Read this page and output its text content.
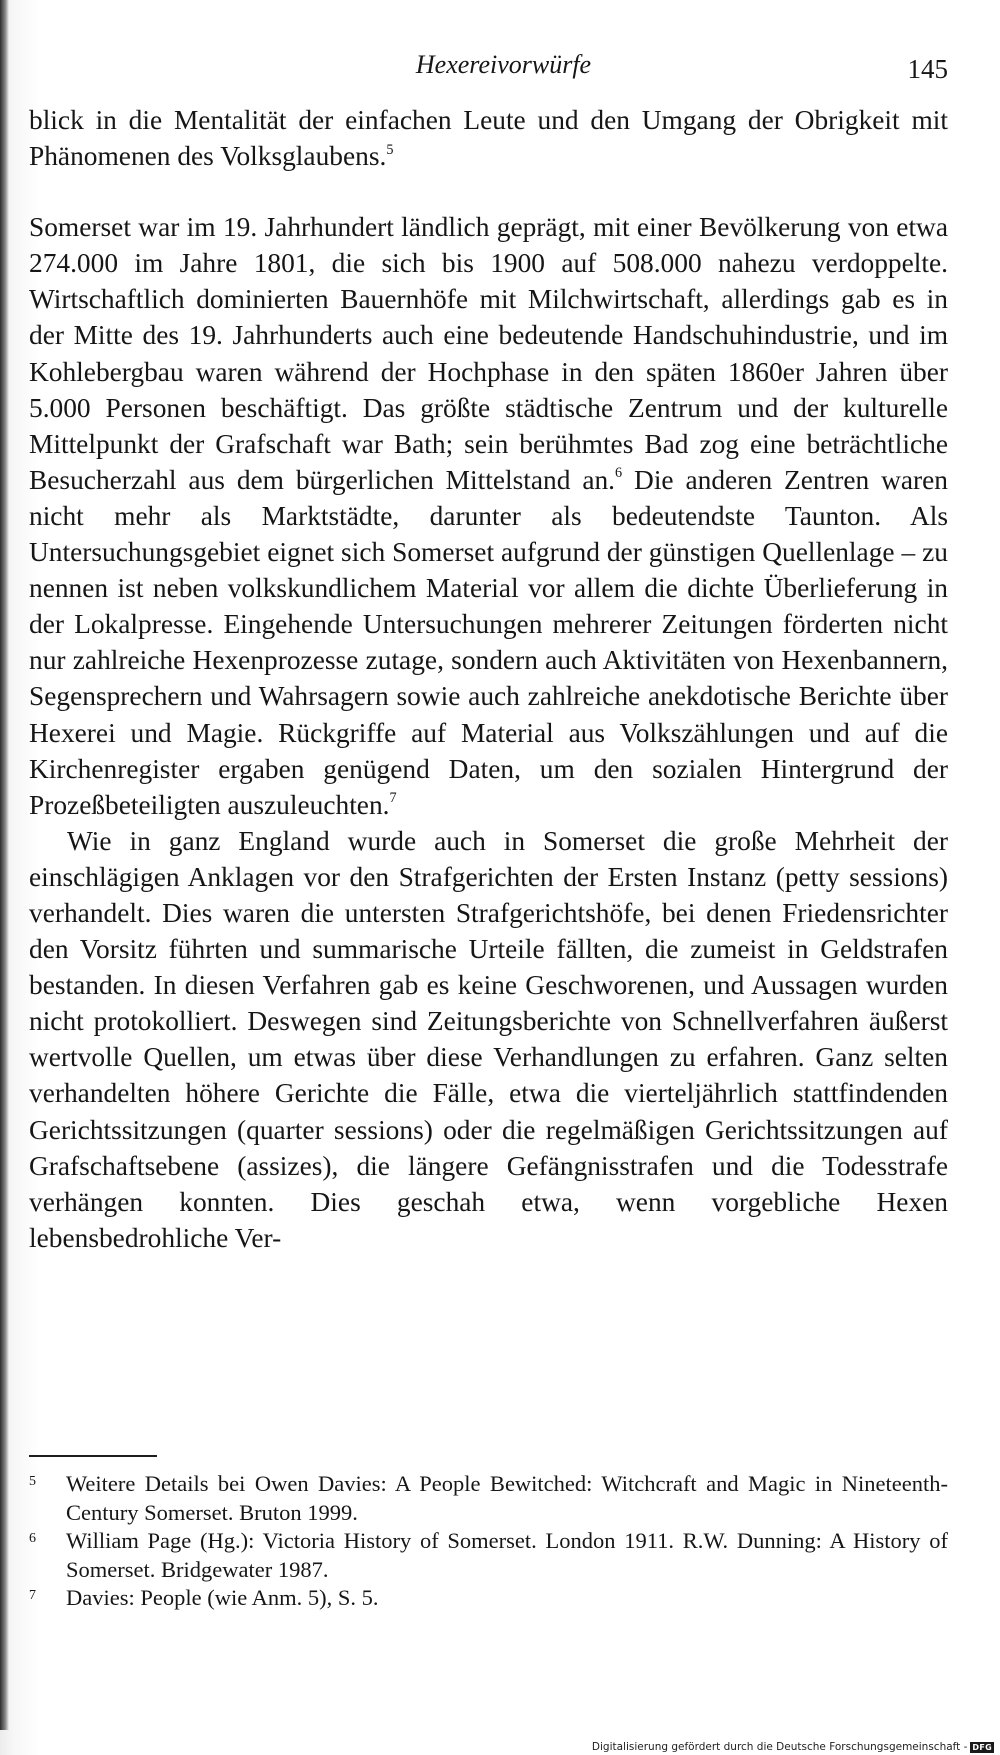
Hexereivorwürfe	145

blick in die Mentalität der einfachen Leute und den Umgang der Obrigkeit mit Phänomenen des Volksglaubens.$^5$

Somerset war im 19. Jahrhundert ländlich geprägt, mit einer Bevölkerung von etwa 274.000 im Jahre 1801, die sich bis 1900 auf 508.000 nahezu verdoppelte. Wirtschaftlich dominierten Bauernhöfe mit Milchwirtschaft, allerdings gab es in der Mitte des 19. Jahrhunderts auch eine bedeutende Handschuhindustrie, und im Kohlebergbau waren während der Hochphase in den späten 1860er Jahren über 5.000 Personen beschäftigt. Das größte städtische Zentrum und der kulturelle Mittelpunkt der Grafschaft war Bath; sein berühmtes Bad zog eine beträchtliche Besucherzahl aus dem bürgerlichen Mittelstand an.$^6$ Die anderen Zentren waren nicht mehr als Marktstädte, darunter als bedeutendste Taunton. Als Untersuchungsgebiet eignet sich Somerset aufgrund der günstigen Quellenlage – zu nennen ist neben volkskundlichem Material vor allem die dichte Überlieferung in der Lokalpresse. Eingehende Untersuchungen mehrerer Zeitungen förderten nicht nur zahlreiche Hexenprozesse zutage, sondern auch Aktivitäten von Hexenbannern, Segensprechern und Wahrsagern sowie auch zahlreiche anekdotische Berichte über Hexerei und Magie. Rückgriffe auf Material aus Volkszählungen und auf die Kirchenregister ergaben genügend Daten, um den sozialen Hintergrund der Prozeßbeteiligten auszuleuchten.$^7$

Wie in ganz England wurde auch in Somerset die große Mehrheit der einschlägigen Anklagen vor den Strafgerichten der Ersten Instanz (petty sessions) verhandelt. Dies waren die untersten Strafgerichtshöfe, bei denen Friedensrichter den Vorsitz führten und summarische Urteile fällten, die zumeist in Geldstrafen bestanden. In diesen Verfahren gab es keine Geschworenen, und Aussagen wurden nicht protokolliert. Deswegen sind Zeitungsberichte von Schnellverfahren äußerst wertvolle Quellen, um etwas über diese Verhandlungen zu erfahren. Ganz selten verhandelten höhere Gerichte die Fälle, etwa die vierteljährlich stattfindenden Gerichtssitzungen (quarter sessions) oder die regelmäßigen Gerichtssitzungen auf Grafschaftsebene (assizes), die längere Gefängnisstrafen und die Todesstrafe verhängen konnten. Dies geschah etwa, wenn vorgebliche Hexen lebensbedrohliche Ver-

5 Weitere Details bei Owen Davies: A People Bewitched: Witchcraft and Magic in Nineteenth-Century Somerset. Bruton 1999.
6 William Page (Hg.): Victoria History of Somerset. London 1911. R.W. Dunning: A History of Somerset. Bridgewater 1987.
7 Davies: People (wie Anm. 5), S. 5.
Digitalisierung gefördert durch die Deutsche Forschungsgemeinschaft - DFG
